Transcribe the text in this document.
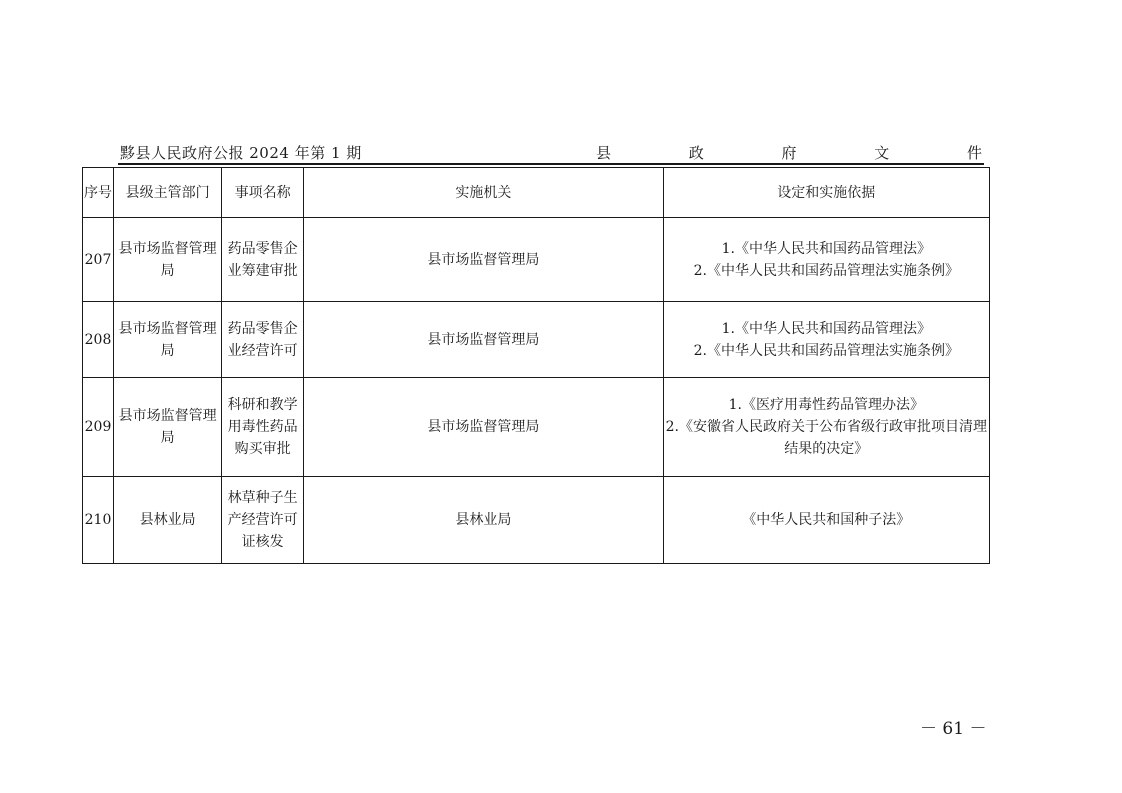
黟县人民政府公报 2024 年第 1 期	县	政	府	文	件
序号	县级主管部门	事项名称	实施机关	设定和实施依据
207	县市场监督管理局	药品零售企业筹建审批	县市场监督管理局	1.《中华人民共和国药品管理法》
2.《中华人民共和国药品管理法实施条例》

208	县市场监督管理局	药品零售企业经营许可	县市场监督管理局	1.《中华人民共和国药品管理法》
2.《中华人民共和国药品管理法实施条例》

209	县市场监督管理局	科研和教学用毒性药品购买审批	县市场监督管理局	1.《医疗用毒性药品管理办法》
2.《安徽省人民政府关于公布省级行政审批项目清理结果的决定》

210	县林业局	林草种子生产经营许可证核发	县林业局	《中华人民共和国种子法》
－ 61 －
